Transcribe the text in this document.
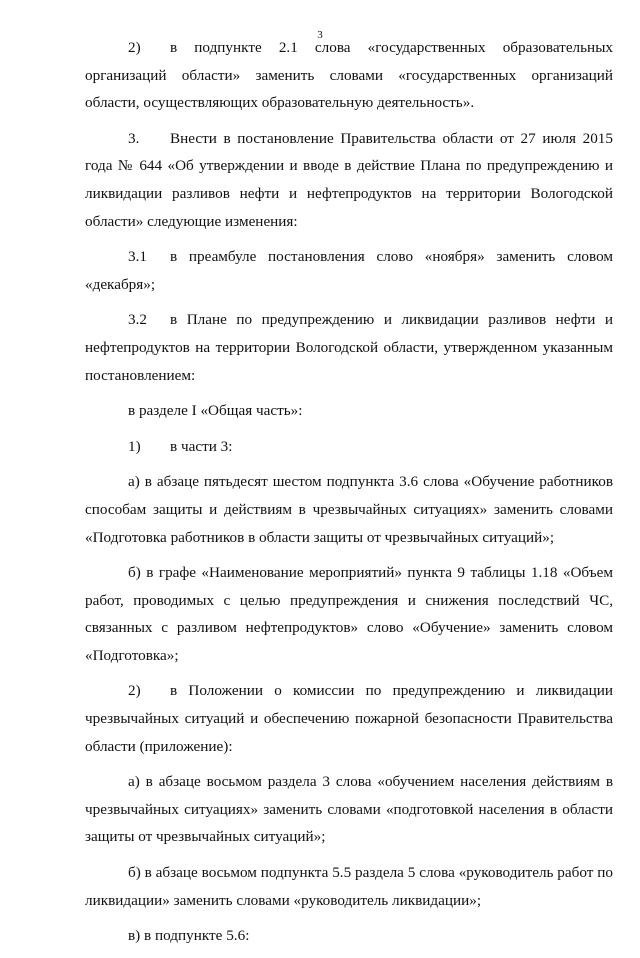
3

2) в подпункте 2.1 слова «государственных образовательных организаций области» заменить словами «государственных организаций области, осуществляющих образовательную деятельность».

3. Внести в постановление Правительства области от 27 июля 2015 года № 644 «Об утверждении и вводе в действие Плана по предупреждению и ликвидации разливов нефти и нефтепродуктов на территории Вологодской области» следующие изменения:

3.1 в преамбуле постановления слово «ноября» заменить словом «декабря»;

3.2 в Плане по предупреждению и ликвидации разливов нефти и нефтепродуктов на территории Вологодской области, утвержденном указанным постановлением:

в разделе I «Общая часть»:

1) в части 3:

а) в абзаце пятьдесят шестом подпункта 3.6 слова «Обучение работников способам защиты и действиям в чрезвычайных ситуациях» заменить словами «Подготовка работников в области защиты от чрезвычайных ситуаций»;

б) в графе «Наименование мероприятий» пункта 9 таблицы 1.18 «Объем работ, проводимых с целью предупреждения и снижения последствий ЧС, связанных с разливом нефтепродуктов» слово «Обучение» заменить словом «Подготовка»;

2) в Положении о комиссии по предупреждению и ликвидации чрезвычайных ситуаций и обеспечению пожарной безопасности Правительства области (приложение):

а) в абзаце восьмом раздела 3 слова «обучением населения действиям в чрезвычайных ситуациях» заменить словами «подготовкой населения в области защиты от чрезвычайных ситуаций»;

б) в абзаце восьмом подпункта 5.5 раздела 5 слова «руководитель работ по ликвидации» заменить словами «руководитель ликвидации»;

в) в подпункте 5.6:
